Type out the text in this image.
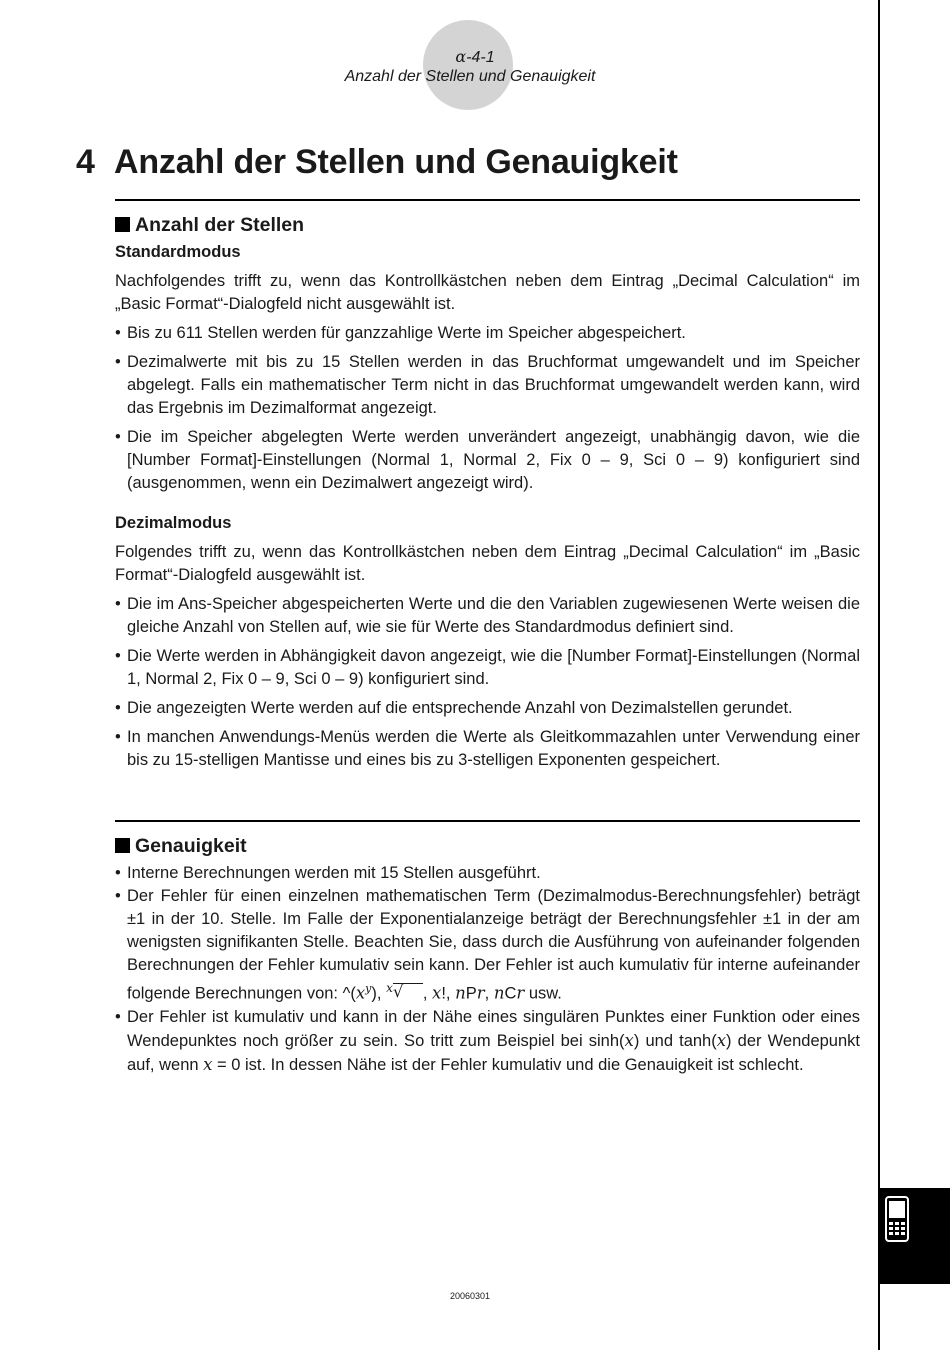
α-4-1
Anzahl der Stellen und Genauigkeit
4 Anzahl der Stellen und Genauigkeit
Anzahl der Stellen
Standardmodus

Nachfolgendes trifft zu, wenn das Kontrollkästchen neben dem Eintrag „Decimal Calculation“ im „Basic Format“-Dialogfeld nicht ausgewählt ist.

• Bis zu 611 Stellen werden für ganzzahlige Werte im Speicher abgespeichert.
• Dezimalwerte mit bis zu 15 Stellen werden in das Bruchformat umgewandelt und im Speicher abgelegt. Falls ein mathematischer Term nicht in das Bruchformat umgewandelt werden kann, wird das Ergebnis im Dezimalformat angezeigt.
• Die im Speicher abgelegten Werte werden unverändert angezeigt, unabhängig davon, wie die [Number Format]-Einstellungen (Normal 1, Normal 2, Fix 0 – 9, Sci 0 – 9) konfiguriert sind (ausgenommen, wenn ein Dezimalwert angezeigt wird).
Dezimalmodus

Folgendes trifft zu, wenn das Kontrollkästchen neben dem Eintrag „Decimal Calculation“ im „Basic Format“-Dialogfeld ausgewählt ist.

• Die im Ans-Speicher abgespeicherten Werte und die den Variablen zugewiesenen Werte weisen die gleiche Anzahl von Stellen auf, wie sie für Werte des Standardmodus definiert sind.
• Die Werte werden in Abhängigkeit davon angezeigt, wie die [Number Format]-Einstellungen (Normal 1, Normal 2, Fix 0 – 9, Sci 0 – 9) konfiguriert sind.
• Die angezeigten Werte werden auf die entsprechende Anzahl von Dezimalstellen gerundet.
• In manchen Anwendungs-Menüs werden die Werte als Gleitkommazahlen unter Verwendung einer bis zu 15-stelligen Mantisse und eines bis zu 3-stelligen Exponenten gespeichert.
Genauigkeit
• Interne Berechnungen werden mit 15 Stellen ausgeführt.
• Der Fehler für einen einzelnen mathematischen Term (Dezimalmodus-Berechnungsfehler) beträgt ±1 in der 10. Stelle. Im Falle der Exponentialanzeige beträgt der Berechnungsfehler ±1 in der am wenigsten signifikanten Stelle. Beachten Sie, dass durch die Ausführung von aufeinander folgenden Berechnungen der Fehler kumulativ sein kann. Der Fehler ist auch kumulativ für interne aufeinander folgende Berechnungen von: $\^{}(x^y)$, $^x$√ , x!, nPr, nCr usw.
• Der Fehler ist kumulativ und kann in der Nähe eines singulären Punktes einer Funktion oder eines Wendepunktes noch größer zu sein. So tritt zum Beispiel bei sinh(x) und tanh(x) der Wendepunkt auf, wenn x = 0 ist. In dessen Nähe ist der Fehler kumulativ und die Genauigkeit ist schlecht.
20060301
